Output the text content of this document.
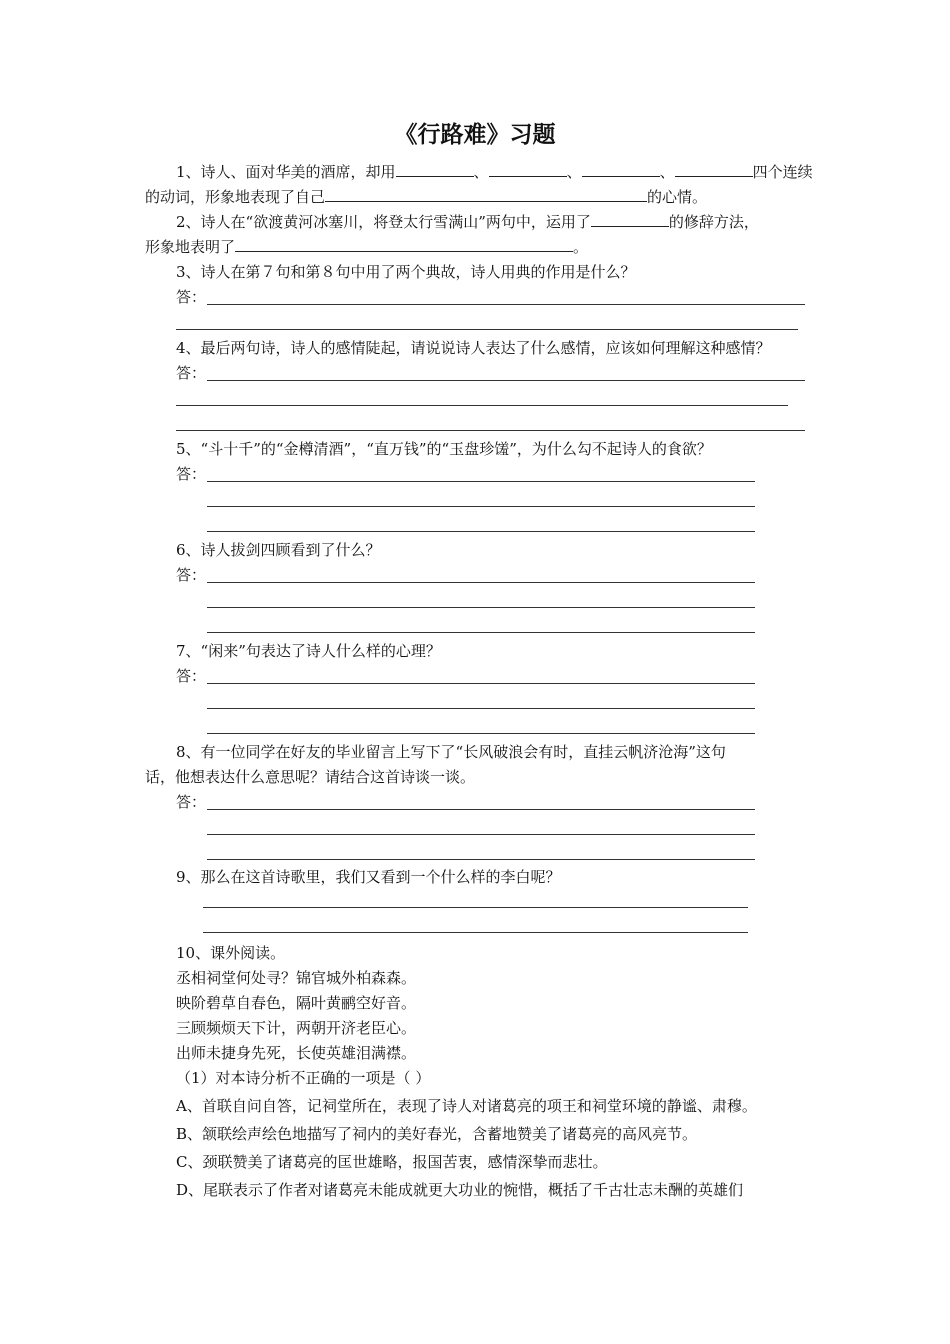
《行路难》习题
1、诗人、面对华美的酒席，却用	、	、	、	四个连续
的动词，形象地表现了自己	的心情。
2、诗人在“欲渡黄河冰塞川，将登太行雪满山”两句中，运用了	的修辞方法，
形象地表明了	。
3、诗人在第７句和第８句中用了两个典故，诗人用典的作用是什么？
答：
4、最后两句诗，诗人的感情陡起，请说说诗人表达了什么感情，应该如何理解这种感情？
答：
5、“斗十千”的“金樽清酒”，“直万钱”的“玉盘珍馐”，为什么勾不起诗人的食欲？
答：
6、诗人拔剑四顾看到了什么？
答：
7、“闲来”句表达了诗人什么样的心理？
答：
8、有一位同学在好友的毕业留言上写下了“长风破浪会有时，直挂云帆济沧海”这句
话，他想表达什么意思呢？请结合这首诗谈一谈。
答：
9、那么在这首诗歌里，我们又看到一个什么样的李白呢？
10、课外阅读。
丞相祠堂何处寻？锦官城外柏森森。
映阶碧草自春色，隔叶黄鹂空好音。
三顾频烦天下计，两朝开济老臣心。
出师未捷身先死，长使英雄泪满襟。
（1）对本诗分析不正确的一项是（ ）
A、首联自问自答，记祠堂所在，表现了诗人对诸葛亮的项王和祠堂环境的静谧、肃穆。
B、颔联绘声绘色地描写了祠内的美好春光，含蓄地赞美了诸葛亮的高风亮节。
C、颈联赞美了诸葛亮的匡世雄略，报国苦衷，感情深挚而悲壮。
D、尾联表示了作者对诸葛亮未能成就更大功业的惋惜，概括了千古壮志未酬的英雄们
